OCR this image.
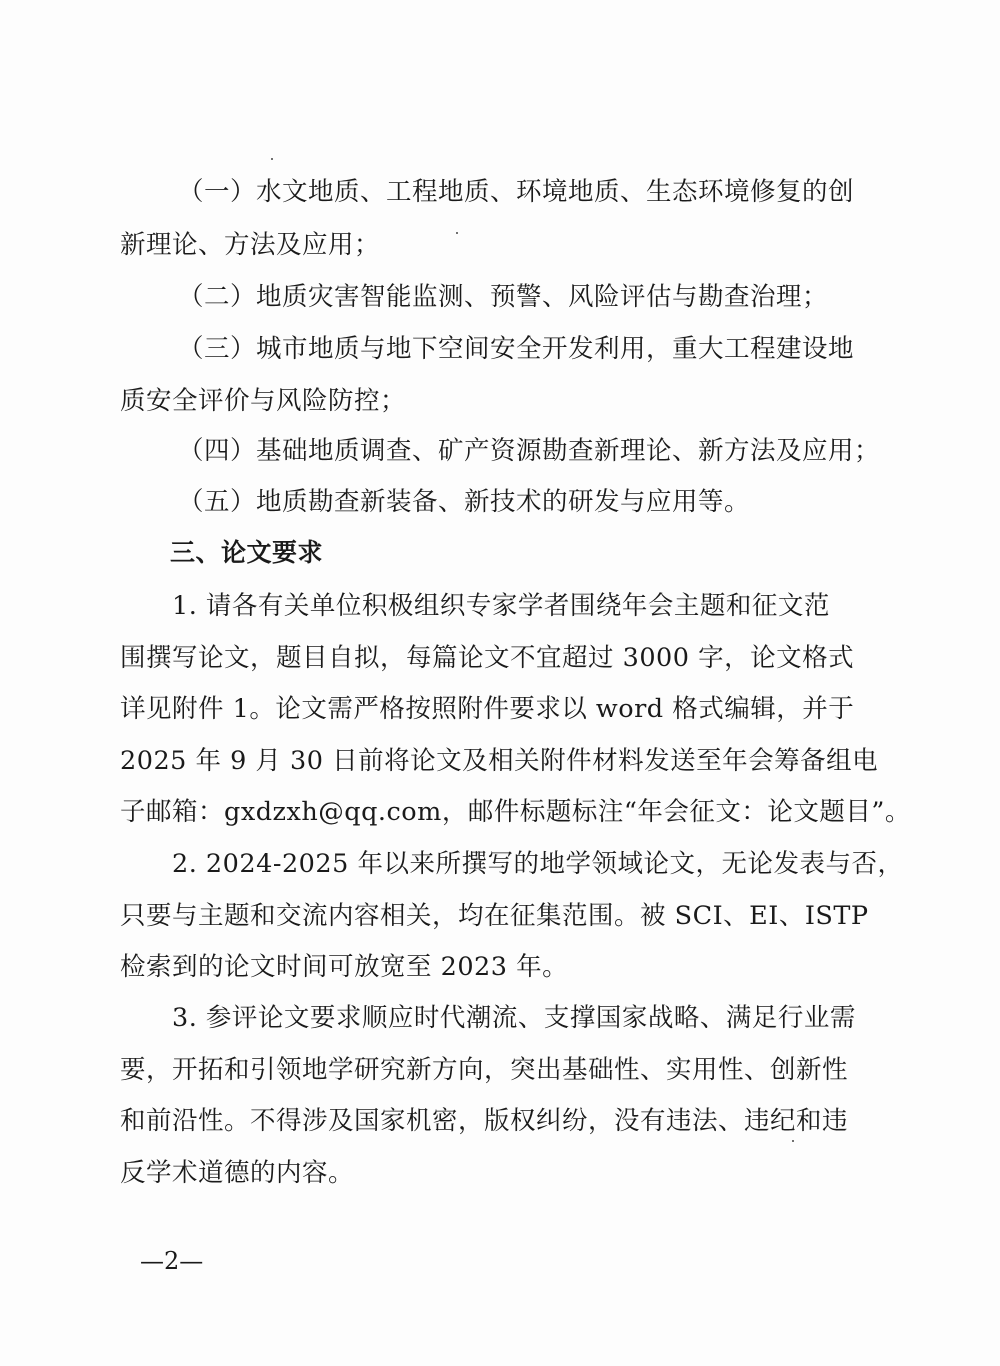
（一）水文地质、工程地质、环境地质、生态环境修复的创
新理论、方法及应用；
（二）地质灾害智能监测、预警、风险评估与勘查治理；
（三）城市地质与地下空间安全开发利用，重大工程建设地
质安全评价与风险防控；
（四）基础地质调查、矿产资源勘查新理论、新方法及应用；
（五）地质勘查新装备、新技术的研发与应用等。
三、论文要求
1. 请各有关单位积极组织专家学者围绕年会主题和征文范
围撰写论文，题目自拟，每篇论文不宜超过 3000 字，论文格式
详见附件 1。论文需严格按照附件要求以 word 格式编辑，并于
2025 年 9 月 30 日前将论文及相关附件材料发送至年会筹备组电
子邮箱：gxdzxh@qq.com，邮件标题标注“年会征文：论文题目”。
2. 2024-2025 年以来所撰写的地学领域论文，无论发表与否，
只要与主题和交流内容相关，均在征集范围。被 SCI、EI、ISTP
检索到的论文时间可放宽至 2023 年。
3. 参评论文要求顺应时代潮流、支撑国家战略、满足行业需
要，开拓和引领地学研究新方向，突出基础性、实用性、创新性
和前沿性。不得涉及国家机密，版权纠纷，没有违法、违纪和违
反学术道德的内容。
—2—
